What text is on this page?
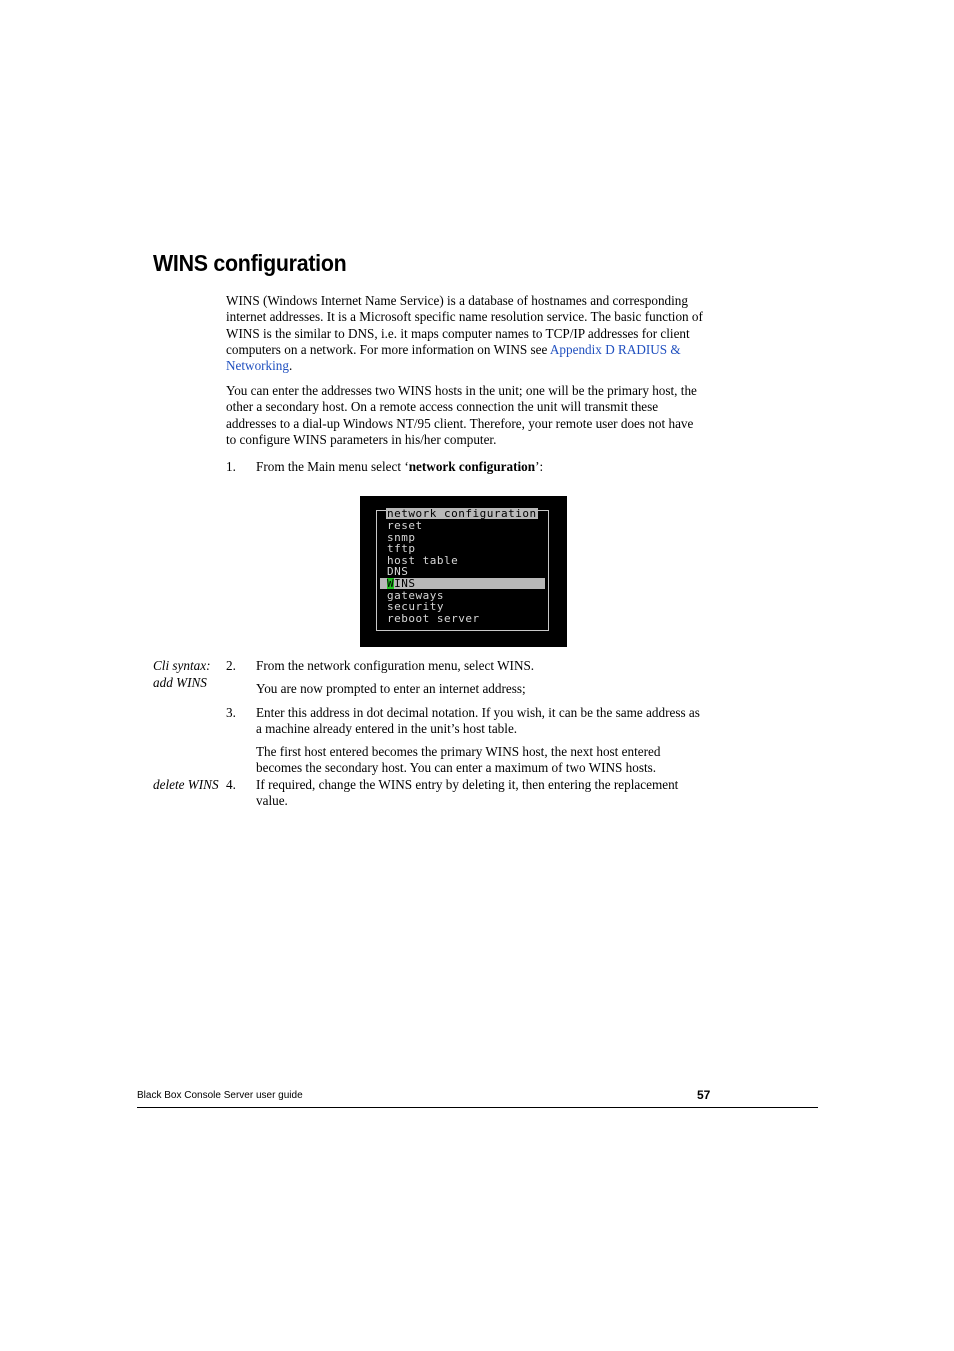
WINS configuration
WINS (Windows Internet Name Service) is a database of hostnames and corresponding internet addresses. It is a Microsoft specific name resolution service. The basic function of WINS is the similar to DNS, i.e. it maps computer names to TCP/IP addresses for client computers on a network. For more information on WINS see Appendix D RADIUS & Networking.
You can enter the addresses two WINS hosts in the unit; one will be the primary host, the other a secondary host. On a remote access connection the unit will transmit these addresses to a dial-up Windows NT/95 client. Therefore, your remote user does not have to configure WINS parameters in his/her computer.
1. From the Main menu select ‘network configuration’:
network configuration
reset
snmp
tftp
host table
DNS
WINS
gateways
security
reboot server
Cli syntax:
add WINS
2. From the network configuration menu, select WINS.
You are now prompted to enter an internet address;
3. Enter this address in dot decimal notation. If you wish, it can be the same address as a machine already entered in the unit’s host table.
The first host entered becomes the primary WINS host, the next host entered becomes the secondary host. You can enter a maximum of two WINS hosts.
delete WINS 4. If required, change the WINS entry by deleting it, then entering the replacement value.
Black Box Console Server user guide	57
